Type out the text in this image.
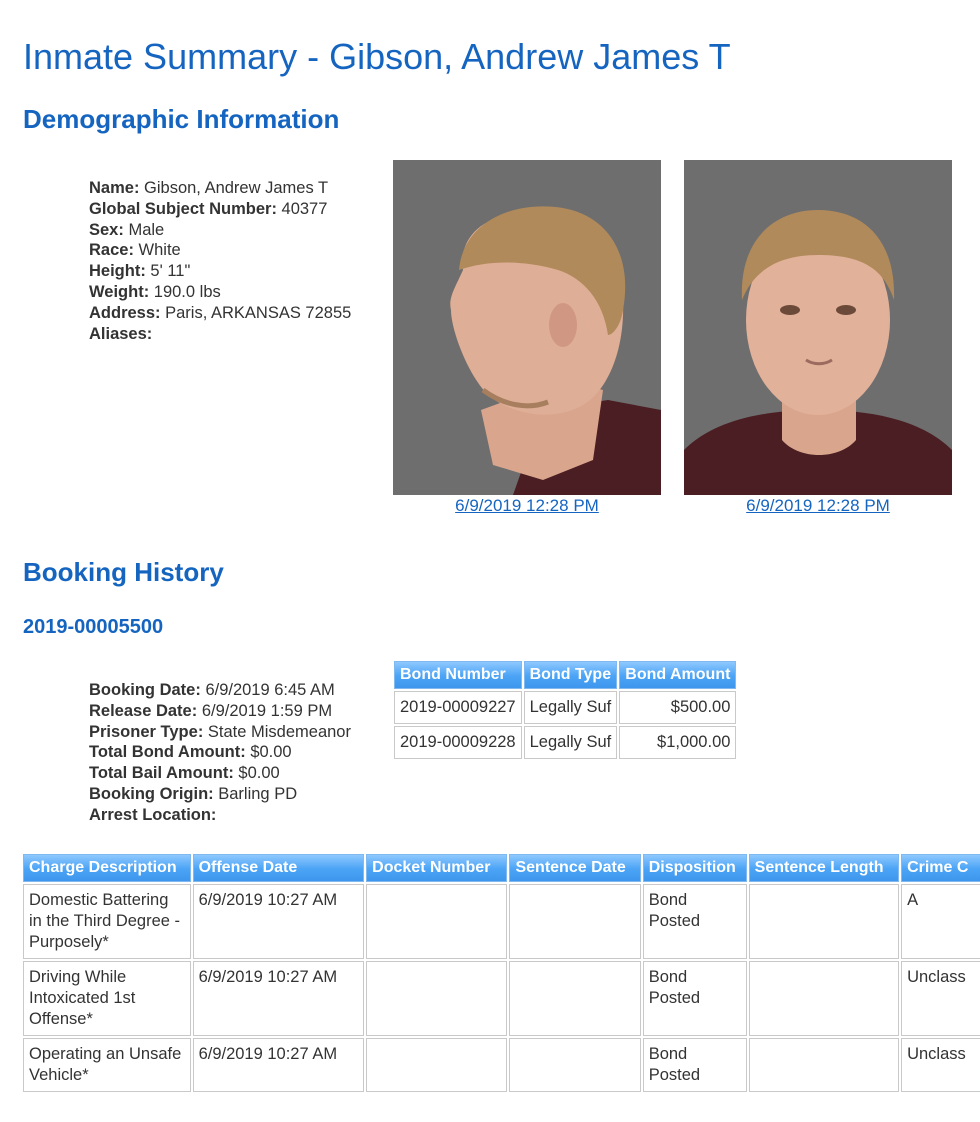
Inmate Summary - Gibson, Andrew James T
Demographic Information
Name: Gibson, Andrew James T
Global Subject Number: 40377
Sex: Male
Race: White
Height: 5' 11"
Weight: 190.0 lbs
Address: Paris, ARKANSAS 72855
Aliases:
6/9/2019 12:28 PM	6/9/2019 12:28 PM
Booking History
2019-00005500
Booking Date: 6/9/2019 6:45 AM
Release Date: 6/9/2019 1:59 PM
Prisoner Type: State Misdemeanor
Total Bond Amount: $0.00
Total Bail Amount: $0.00
Booking Origin: Barling PD
Arrest Location:
Bond Number	Bond Type	Bond Amount
2019-00009227	Legally Suf	$500.00
2019-00009228	Legally Suf	$1,000.00
Charge Description	Offense Date	Docket Number	Sentence Date	Disposition	Sentence Length	Crime C
Domestic Battering in the Third Degree - Purposely*	6/9/2019 10:27 AM			Bond Posted		A
Driving While Intoxicated 1st Offense*	6/9/2019 10:27 AM			Bond Posted		Unclass
Operating an Unsafe Vehicle*	6/9/2019 10:27 AM			Bond Posted		Unclass
